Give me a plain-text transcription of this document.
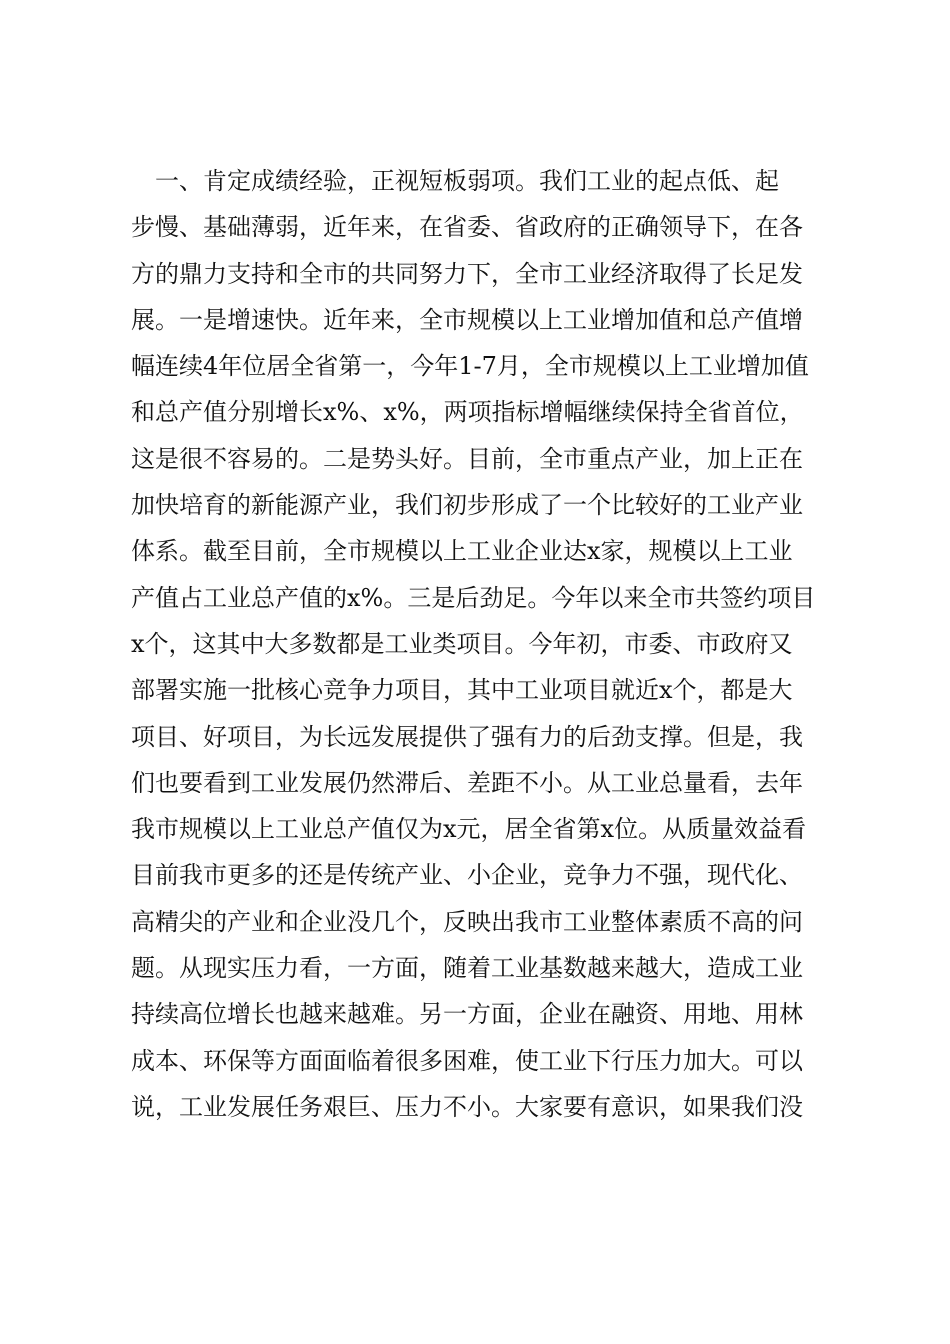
　一、肯定成绩经验，正视短板弱项。我们工业的起点低、起
步慢、基础薄弱，近年来，在省委、省政府的正确领导下，在各
方的鼎力支持和全市的共同努力下，全市工业经济取得了长足发
展。一是增速快。近年来，全市规模以上工业增加值和总产值增
幅连续4年位居全省第一，今年1-7月，全市规模以上工业增加值
和总产值分别增长x%、x%，两项指标增幅继续保持全省首位，
这是很不容易的。二是势头好。目前，全市重点产业，加上正在
加快培育的新能源产业，我们初步形成了一个比较好的工业产业
体系。截至目前，全市规模以上工业企业达x家，规模以上工业
产值占工业总产值的x%。三是后劲足。今年以来全市共签约项目
x个，这其中大多数都是工业类项目。今年初，市委、市政府又
部署实施一批核心竞争力项目，其中工业项目就近x个，都是大
项目、好项目，为长远发展提供了强有力的后劲支撑。但是，我
们也要看到工业发展仍然滞后、差距不小。从工业总量看，去年
我市规模以上工业总产值仅为x元，居全省第x位。从质量效益看
目前我市更多的还是传统产业、小企业，竞争力不强，现代化、
高精尖的产业和企业没几个，反映出我市工业整体素质不高的问
题。从现实压力看，一方面，随着工业基数越来越大，造成工业
持续高位增长也越来越难。另一方面，企业在融资、用地、用林
成本、环保等方面面临着很多困难，使工业下行压力加大。可以
说，工业发展任务艰巨、压力不小。大家要有意识，如果我们没
